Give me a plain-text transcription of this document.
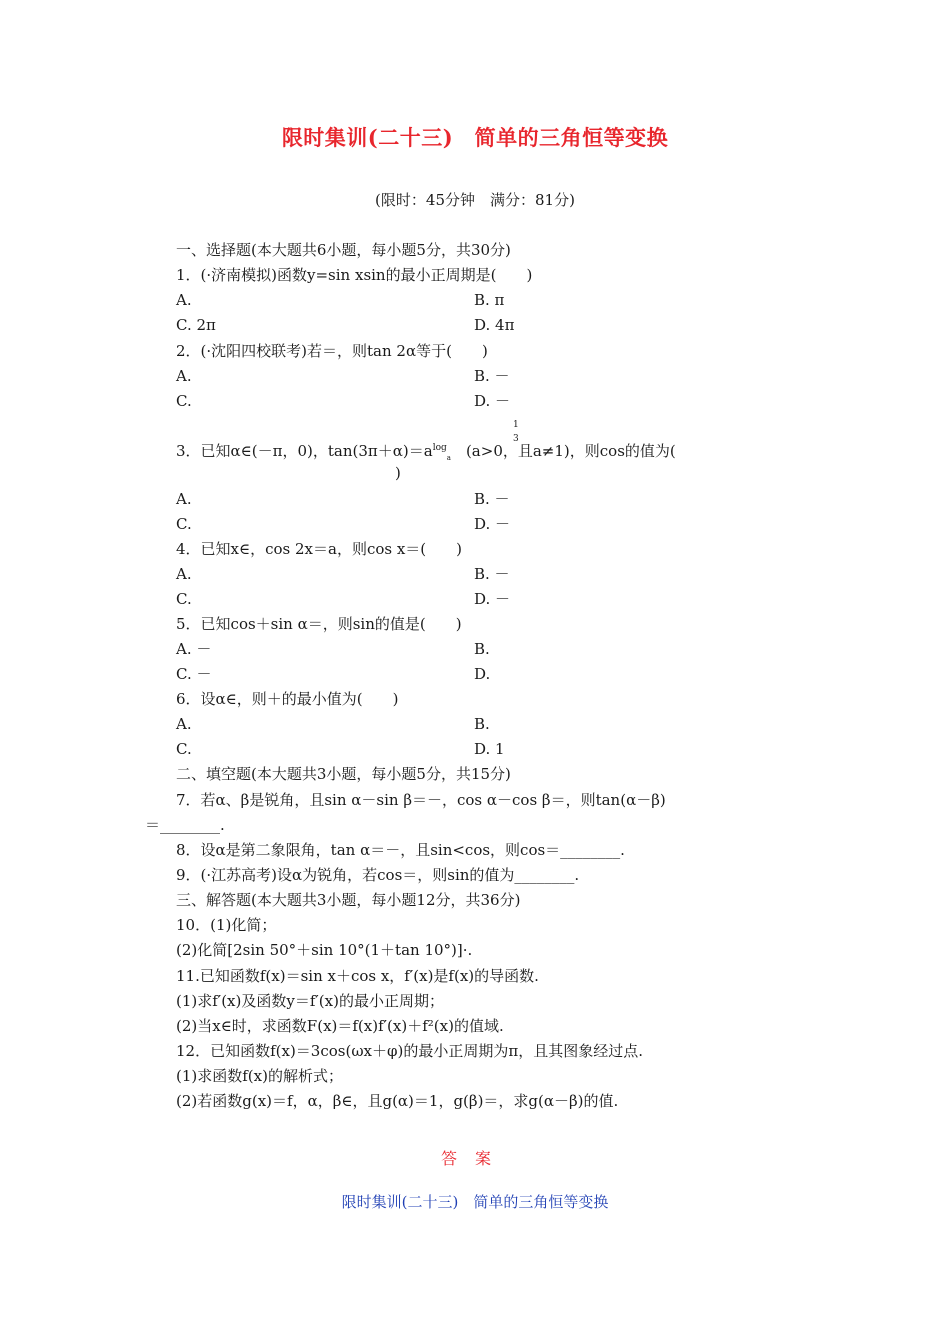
限时集训(二十三)　简单的三角恒等变换
(限时：45分钟　满分：81分)
一、选择题(本大题共6小题，每小题5分，共30分)
1．(·济南模拟)函数y=sin xsin的最小正周期是(　　)
A.	B. π
C. 2π	D. 4π
2．(·沈阳四校联考)若＝，则tan 2α等于(　　)
A.	B. －
C.	D. －
1
3
3．已知α∈(－π，0)，$\tan(3\pi+\alpha)=a^{log}_a$　(a>0，且a≠1)，则cos的值为(
)
A.	B. －
C.	D. －
4．已知x∈，cos 2x＝a，则cos x＝(　　)
A.	B. －
C.	D. －
5．已知cos＋sin α＝，则sin的值是(　　)
A. －	B.
C. －	D.
6．设α∈，则＋的最小值为(　　)
A.	B.
C.	D. 1
二、填空题(本大题共3小题，每小题5分，共15分)
7．若α、β是锐角，且sin α－sin β＝－，cos α－cos β＝，则tan(α－β)
＝________.
8．设α是第二象限角，tan α＝－，且sin<cos，则cos＝________.
9．(·江苏高考)设α为锐角，若cos＝，则sin的值为________.
三、解答题(本大题共3小题，每小题12分，共36分)
10．(1)化简；
(2)化简[2sin 50°＋sin 10°(1＋tan 10°)]·.
11.已知函数f(x)＝sin x＋cos x，f′(x)是f(x)的导函数.
(1)求f′(x)及函数y＝f′(x)的最小正周期；
(2)当x∈时，求函数F(x)＝f(x)f′(x)＋f²(x)的值域.
12．已知函数f(x)＝3cos(ωx＋φ)的最小正周期为π，且其图象经过点.
(1)求函数f(x)的解析式；
(2)若函数g(x)＝f，α，β∈，且g(α)＝1，g(β)＝，求g(α－β)的值.
答案
限时集训(二十三)　简单的三角恒等变换
